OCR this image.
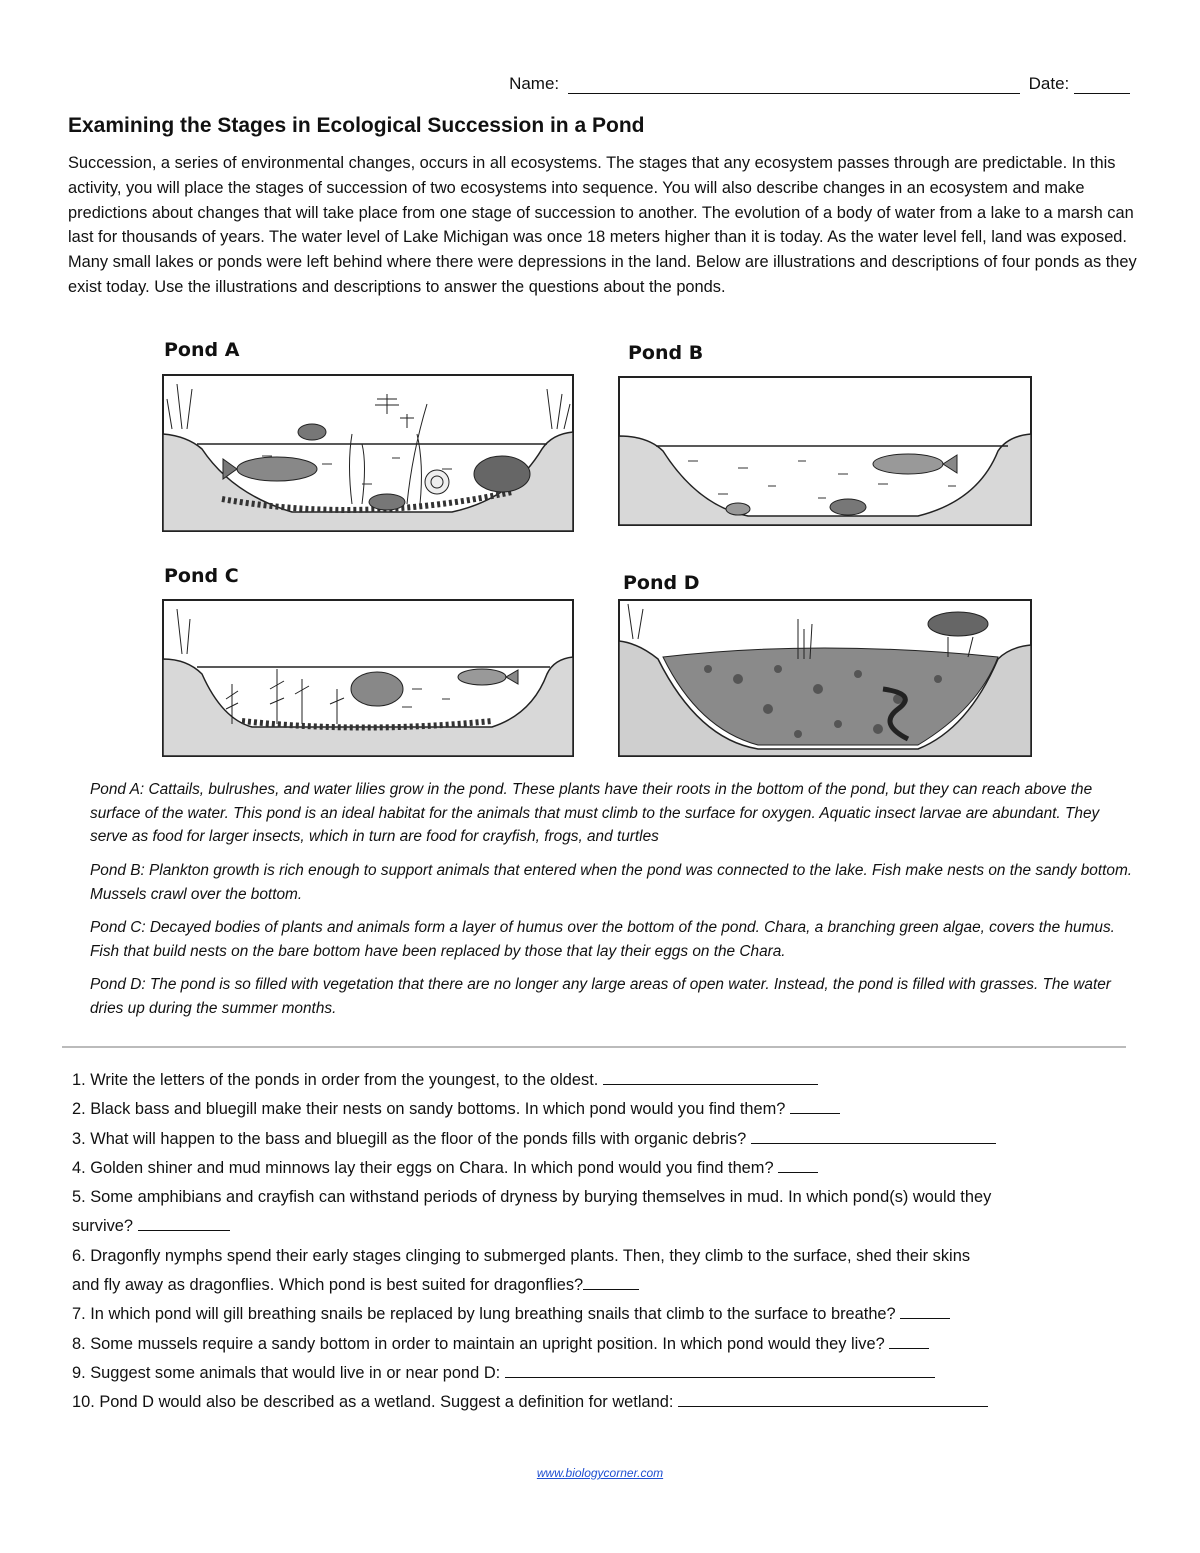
Name:	Date:
Examining the Stages in Ecological Succession in a Pond
Succession, a series of environmental changes, occurs in all ecosystems. The stages that any ecosystem passes through are predictable. In this activity, you will place the stages of succession of two ecosystems into sequence. You will also describe changes in an ecosystem and make predictions about changes that will take place from one stage of succession to another. The evolution of a body of water from a lake to a marsh can last for thousands of years. The water level of Lake Michigan was once 18 meters higher than it is today. As the water level fell, land was exposed. Many small lakes or ponds were left behind where there were depressions in the land. Below are illustrations and descriptions of four ponds as they exist today. Use the illustrations and descriptions to answer the questions about the ponds.
Pond A	Pond B
Pond C	Pond D
Pond A: Cattails, bulrushes, and water lilies grow in the pond. These plants have their roots in the bottom of the pond, but they can reach above the surface of the water. This pond is an ideal habitat for the animals that must climb to the surface for oxygen. Aquatic insect larvae are abundant. They serve as food for larger insects, which in turn are food for crayfish, frogs, and turtles
Pond B: Plankton growth is rich enough to support animals that entered when the pond was connected to the lake. Fish make nests on the sandy bottom. Mussels crawl over the bottom.
Pond C: Decayed bodies of plants and animals form a layer of humus over the bottom of the pond. Chara, a branching green algae, covers the humus. Fish that build nests on the bare bottom have been replaced by those that lay their eggs on the Chara.
Pond D: The pond is so filled with vegetation that there are no longer any large areas of open water. Instead, the pond is filled with grasses. The water dries up during the summer months.
1. Write the letters of the ponds in order from the youngest, to the oldest.
2. Black bass and bluegill make their nests on sandy bottoms. In which pond would you find them?
3. What will happen to the bass and bluegill as the floor of the ponds fills with organic debris?
4. Golden shiner and mud minnows lay their eggs on Chara. In which pond would you find them?
5. Some amphibians and crayfish can withstand periods of dryness by burying themselves in mud. In which pond(s) would they
survive?
6. Dragonfly nymphs spend their early stages clinging to submerged plants. Then, they climb to the surface, shed their skins
and fly away as dragonflies. Which pond is best suited for dragonflies?
7. In which pond will gill breathing snails be replaced by lung breathing snails that climb to the surface to breathe?
8. Some mussels require a sandy bottom in order to maintain an upright position. In which pond would they live?
9. Suggest some animals that would live in or near pond D:
10. Pond D would also be described as a wetland. Suggest a definition for wetland:
www.biologycorner.com
